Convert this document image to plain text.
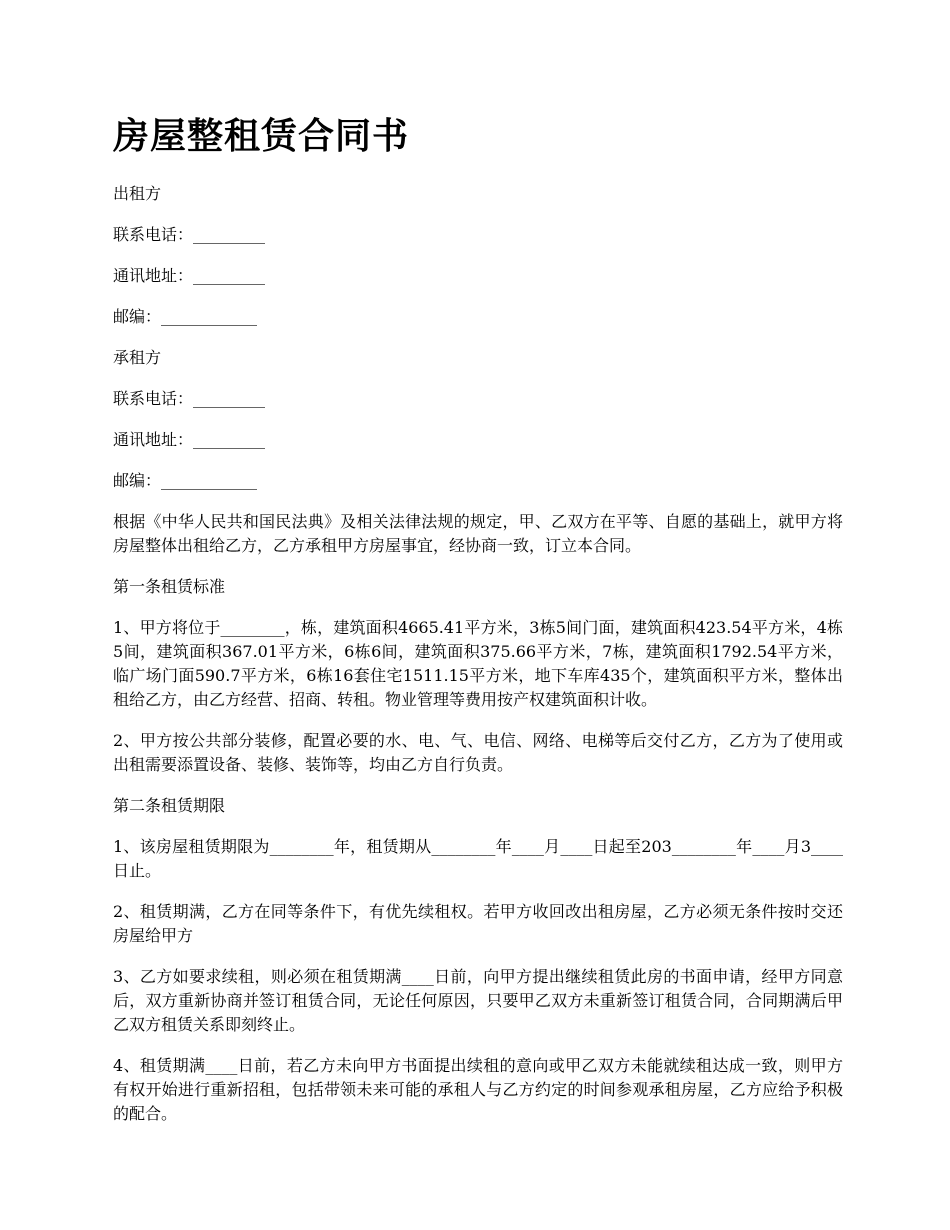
房屋整租赁合同书

出租方

联系电话：_________

通讯地址：_________

邮编：____________

承租方

联系电话：_________

通讯地址：_________

邮编：____________

根据《中华人民共和国民法典》及相关法律法规的规定，甲、乙双方在平等、自愿的基础上，就甲方将房屋整体出租给乙方，乙方承租甲方房屋事宜，经协商一致，订立本合同。

第一条租赁标准

1、甲方将位于________，栋，建筑面积4665.41平方米，3栋5间门面，建筑面积423.54平方米，4栋5间，建筑面积367.01平方米，6栋6间，建筑面积375.66平方米，7栋，建筑面积1792.54平方米，临广场门面590.7平方米，6栋16套住宅1511.15平方米，地下车库435个，建筑面积平方米，整体出租给乙方，由乙方经营、招商、转租。物业管理等费用按产权建筑面积计收。

2、甲方按公共部分装修，配置必要的水、电、气、电信、网络、电梯等后交付乙方，乙方为了使用或出租需要添置设备、装修、装饰等，均由乙方自行负责。

第二条租赁期限

1、该房屋租赁期限为________年，租赁期从________年____月____日起至203________年____月3____日止。

2、租赁期满，乙方在同等条件下，有优先续租权。若甲方收回改出租房屋，乙方必须无条件按时交还房屋给甲方

3、乙方如要求续租，则必须在租赁期满____日前，向甲方提出继续租赁此房的书面申请，经甲方同意后，双方重新协商并签订租赁合同，无论任何原因，只要甲乙双方未重新签订租赁合同，合同期满后甲乙双方租赁关系即刻终止。

4、租赁期满____日前，若乙方未向甲方书面提出续租的意向或甲乙双方未能就续租达成一致，则甲方有权开始进行重新招租，包括带领未来可能的承租人与乙方约定的时间参观承租房屋，乙方应给予积极的配合。
